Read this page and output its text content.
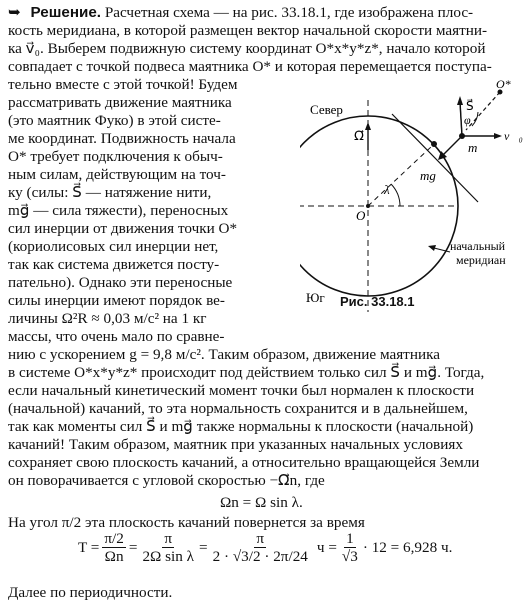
➥ Решение. Расчетная схема — на рис. 33.18.1, где изображена плос-
кость меридиана, в которой размещен вектор начальной скорости маятни-
ка v⃗₀. Выберем подвижную систему координат O*x*y*z*, начало которой
совпадает с точкой подвеса маятника O* и которая перемещается поступа-
тельно вместе с этой точкой! Будем
рассматривать движение маятника
(это маятник Фуко) в этой систе-
ме координат. Подвижность начала
O* требует подключения к обыч-
ным силам, действующим на точ-
ку (силы: S⃗ — натяжение нити,
mg⃗ — сила тяжести), переносных
сил инерции от движения точки O*
(кориолисовых сил инерции нет,
так как система движется посту-
пательно). Однако эти переносные
силы инерции имеют порядок ве-
личины Ω²R ≈ 0,03 м/с² на 1 кг
массы, что очень мало по сравне-
Север
Юг
O
Ω⃗
λ
m
O*
φ
S⃗
v⃗₀
mg⃗
начальный
меридиан
Рис. 33.18.1
нию с ускорением g = 9,8 м/с². Таким образом, движение маятника
в системе O*x*y*z* происходит под действием только сил S⃗ и mg⃗. Тогда,
если начальный кинетический момент точки был нормален к плоскости
(начальной) качаний, то эта нормальность сохранится и в дальнейшем,
так как моменты сил S⃗ и mg⃗ также нормальны к плоскости (начальной)
качаний! Таким образом, маятник при указанных начальных условиях
сохраняет свою плоскость качаний, а относительно вращающейся Земли
он поворачивается с угловой скоростью −Ω⃗n, где
Ωn = Ω sin λ.
На угол π/2 эта плоскость качаний повернется за время
$T = \frac{\pi/2}{\Omega n} = \frac{\pi}{\text{2Ω sin λ}} = \frac{\pi}{2 \cdot √3/2 \cdot 2\pi/24}$ $ч = \frac{1}{√3} \cdot 12 = 6,928$ ч.
Далее по периодичности.
